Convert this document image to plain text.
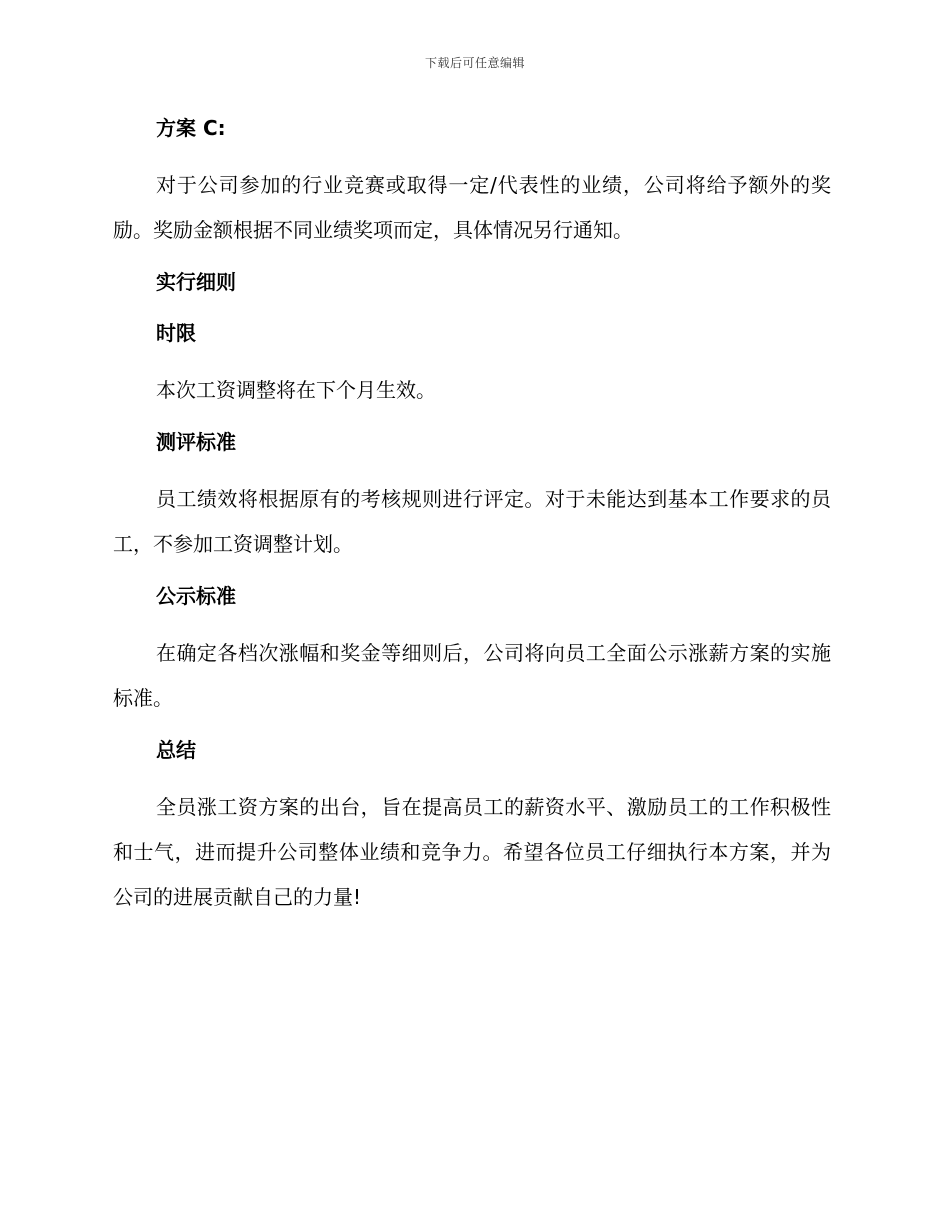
下载后可任意编辑
方案 C:
对于公司参加的行业竞赛或取得一定/代表性的业绩，公司将给予额外的奖励。奖励金额根据不同业绩奖项而定，具体情况另行通知。
实行细则
时限
本次工资调整将在下个月生效。
测评标准
员工绩效将根据原有的考核规则进行评定。对于未能达到基本工作要求的员工，不参加工资调整计划。
公示标准
在确定各档次涨幅和奖金等细则后，公司将向员工全面公示涨薪方案的实施标准。
总结
全员涨工资方案的出台，旨在提高员工的薪资水平、激励员工的工作积极性和士气，进而提升公司整体业绩和竞争力。希望各位员工仔细执行本方案，并为公司的进展贡献自己的力量!
